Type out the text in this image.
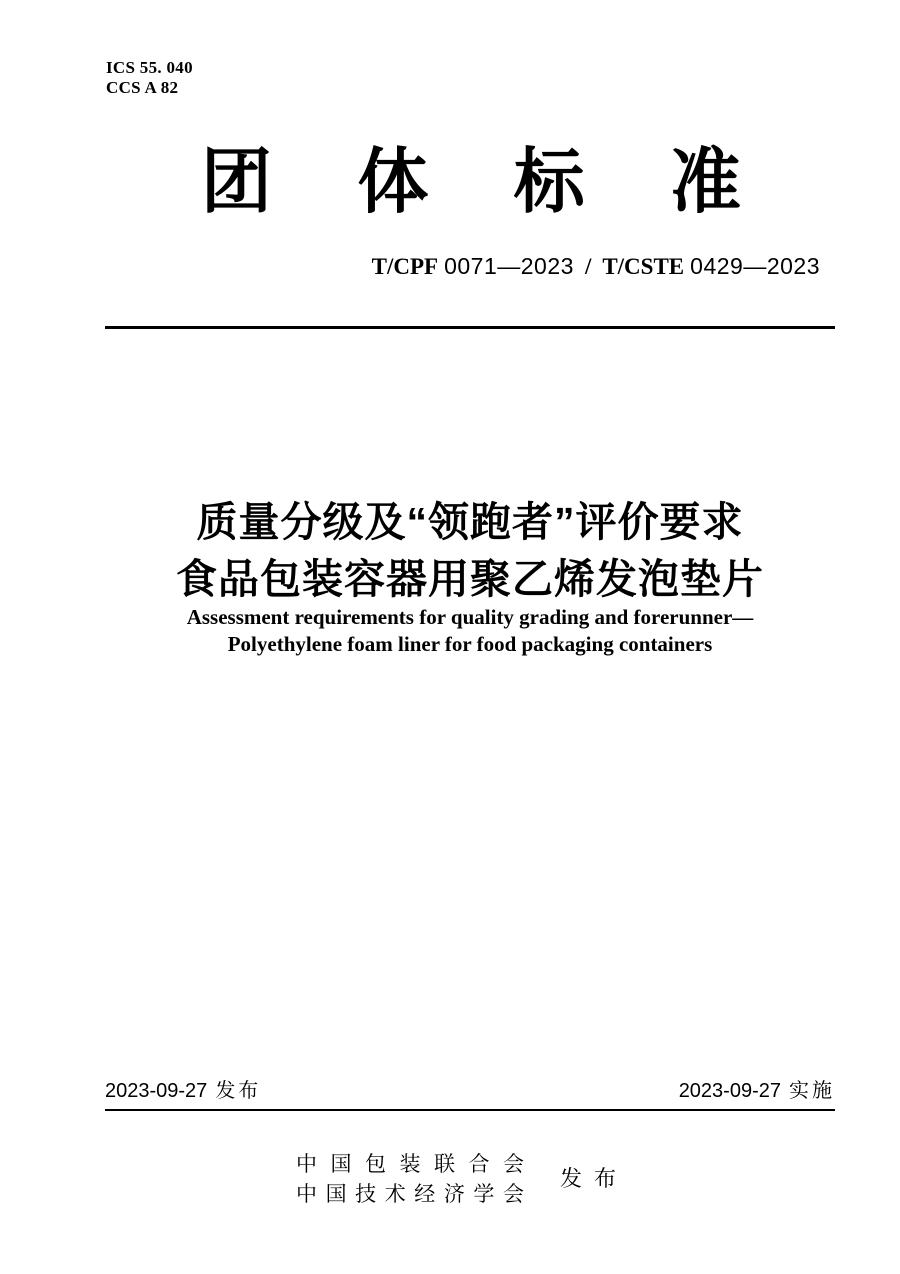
ICS 55. 040
CCS A 82
团 体 标 准
T/CPF 0071—2023 / T/CSTE 0429—2023
质量分级及“领跑者”评价要求
食品包装容器用聚乙烯发泡垫片
Assessment requirements for quality grading and forerunner—
Polyethylene foam liner for food packaging containers
2023-09-27 发布	2023-09-27 实施
中 国 包 装 联 合 会
中 国 技 术 经 济 学 会
发 布
